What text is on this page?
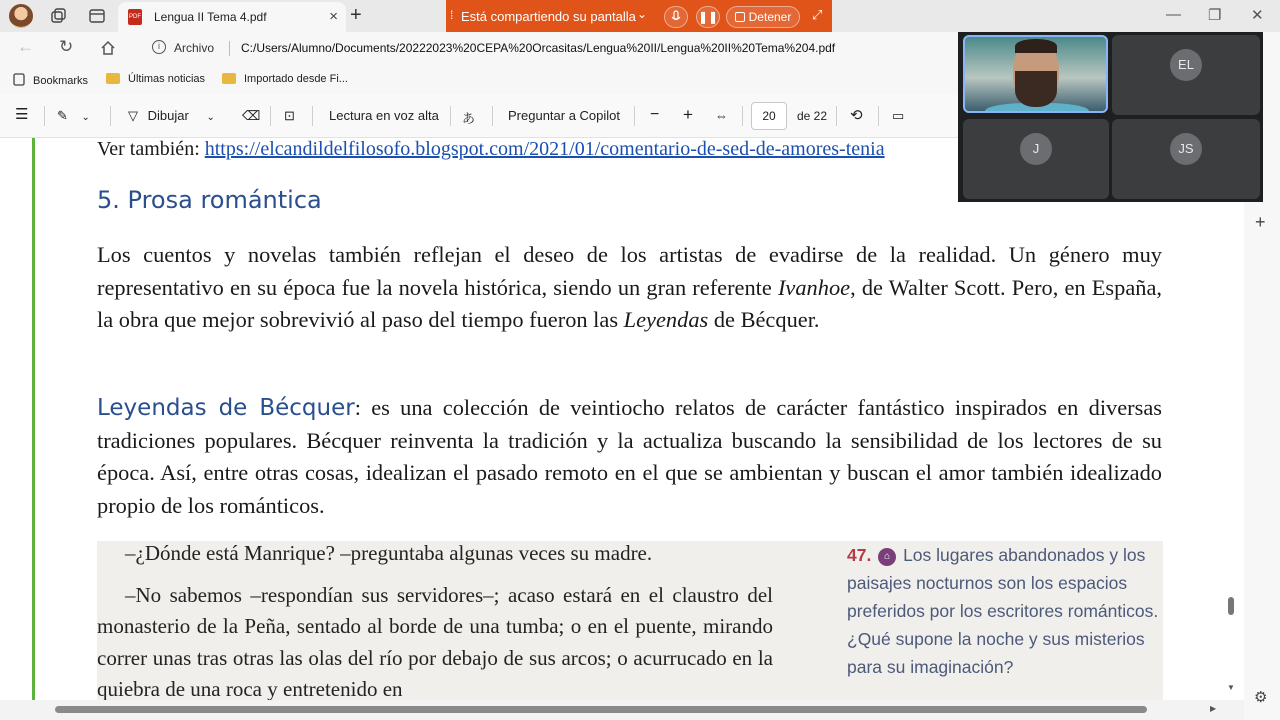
PDF Lengua II Tema 4.pdf	× +	⁞ Está compartiendo su pantalla ⌄	❚❚	Detener	⤢	— ❐ ✕
← ↻	i	Archivo C:/Users/Alumno/Documents/20222023%20CEPA%20Orcasitas/Lengua%20II/Lengua%20II%20Tema%204.pdf
Bookmarks	Últimas noticias	Importado desde Fi...
☰ ✎ ⌄	▽ Dibujar ⌄ ⌫ ⊡	Lectura en voz alta あ	Preguntar a Copilot − + ⇔	20	de 22 ⟲ ▭
Ver también: https://elcandildelfilosofo.blogspot.com/2021/01/comentario-de-sed-de-amores-tenia
5. Prosa romántica
Los cuentos y novelas también reflejan el deseo de los artistas de evadirse de la realidad. Un género muy representativo en su época fue la novela histórica, siendo un gran referente Ivanhoe, de Walter Scott. Pero, en España, la obra que mejor sobrevivió al paso del tiempo fueron las Leyendas de Bécquer.
Leyendas de Bécquer: es una colección de veintiocho relatos de carácter fantástico inspirados en diversas tradiciones populares. Bécquer reinventa la tradición y la actualiza buscando la sensibilidad de los lectores de su época. Así, entre otras cosas, idealizan el pasado remoto en el que se ambientan y buscan el amor también idealizado propio de los románticos.

–¿Dónde está Manrique? –preguntaba algunas veces su madre.

–No sabemos –respondían sus servidores–; acaso estará en el claustro del monasterio de la Peña, sentado al borde de una tumba; o en el puente, mirando correr unas tras otras las olas del río por debajo de sus arcos; o acurrucado en la quiebra de una roca y entretenido en

47. ⌂ Los lugares abandonados y los paisajes nocturnos son los espacios preferidos por los escritores románticos. ¿Qué supone la noche y sus misterios para su imaginación?
▼
▶
+
⚙
EL
J	JS
